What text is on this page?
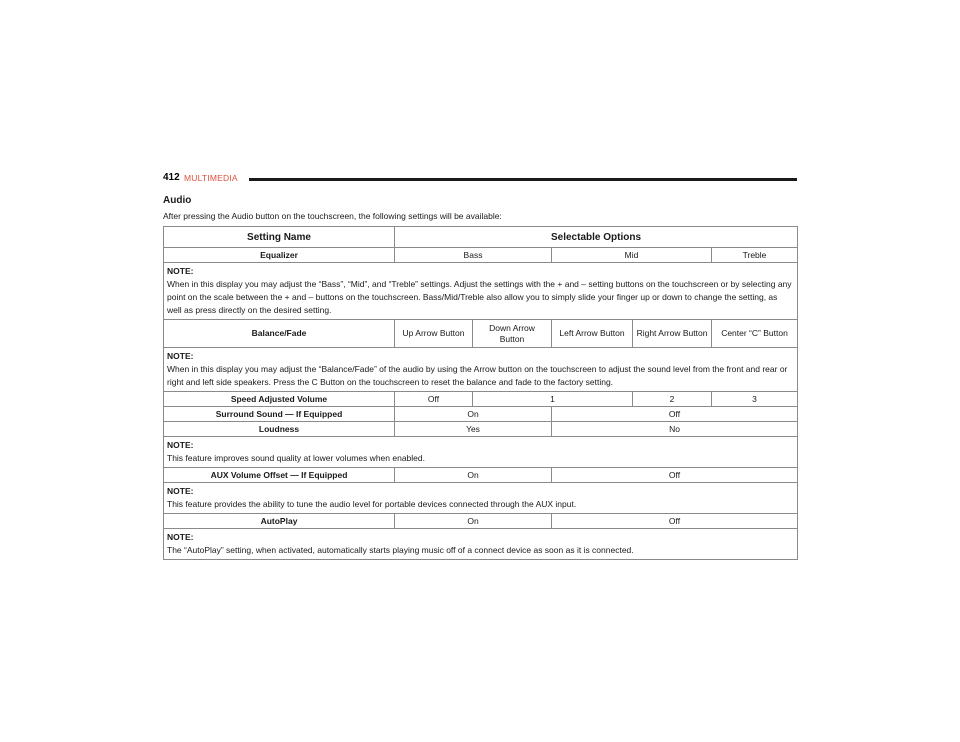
412 MULTIMEDIA
Audio
After pressing the Audio button on the touchscreen, the following settings will be available:
Setting Name	Selectable Options				
Equalizer	Bass		Mid		Treble

NOTE:
When in this display you may adjust the “Bass”, “Mid”, and “Treble” settings. Adjust the settings with the + and – setting buttons on the touchscreen or by selecting any point on the scale between the + and – buttons on the touchscreen. Bass/Mid/Treble also allow you to simply slide your finger up or down to change the setting, as well as press directly on the desired setting.					

Balance/Fade	Up Arrow Button	Down Arrow Button	Left Arrow Button	Right Arrow Button	Center “C” Button

NOTE:
When in this display you may adjust the “Balance/Fade” of the audio by using the Arrow button on the touchscreen to adjust the sound level from the front and rear or right and left side speakers. Press the C Button on the touchscreen to reset the balance and fade to the factory setting.					

Speed Adjusted Volume	Off	1		2	3
Surround Sound — If Equipped	On		Off		
Loudness	Yes		No		

NOTE:
This feature improves sound quality at lower volumes when enabled.					

AUX Volume Offset — If Equipped	On		Off		

NOTE:
This feature provides the ability to tune the audio level for portable devices connected through the AUX input.					

AutoPlay	On		Off		

NOTE:
The “AutoPlay” setting, when activated, automatically starts playing music off of a connect device as soon as it is connected.					
